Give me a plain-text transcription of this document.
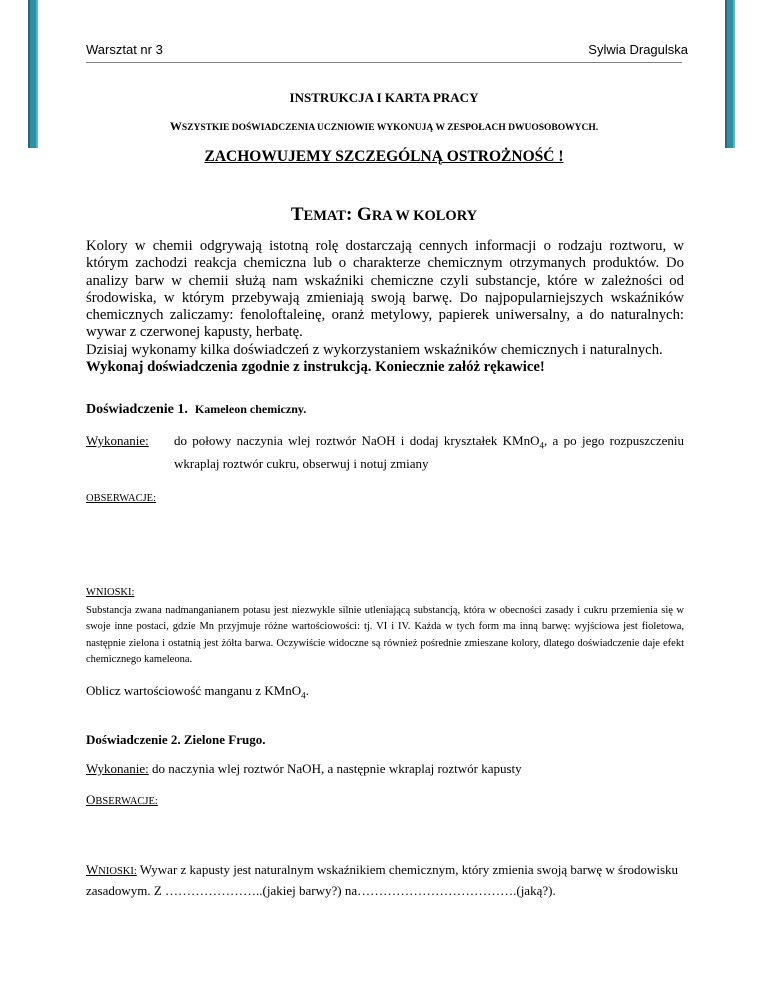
Warsztat nr 3	Sylwia Dragulska
INSTRUKCJA I KARTA PRACY
WSZYSTKIE DOŚWIADCZENIA UCZNIOWIE WYKONUJĄ W ZESPOŁACH DWUOSOBOWYCH.
ZACHOWUJEMY SZCZEGÓLNĄ OSTROŻNOŚĆ !
TEMAT: GRA W KOLORY

Kolory w chemii odgrywają istotną rolę dostarczają cennych informacji o rodzaju roztworu, w którym zachodzi reakcja chemiczna lub o charakterze chemicznym otrzymanych produktów. Do analizy barw w chemii służą nam wskaźniki chemiczne czyli substancje, które w zależności od środowiska, w którym przebywają zmieniają swoją barwę. Do najpopularniejszych wskaźników chemicznych zaliczamy: fenoloftaleinę, oranż metylowy, papierek uniwersalny, a do naturalnych: wywar z czerwonej kapusty, herbatę.

Dzisiaj wykonamy kilka doświadczeń z wykorzystaniem wskaźników chemicznych i naturalnych.

Wykonaj doświadczenia zgodnie z instrukcją. Koniecznie załóż rękawice!

Doświadczenie 1. Kameleon chemiczny.
Wykonanie: do połowy naczynia wlej roztwór NaOH i dodaj kryształek KMnO$_4$, a po jego rozpuszczeniu wkraplaj roztwór cukru, obserwuj i notuj zmiany
OBSERWACJE:
WNIOSKI:
Substancja zwana nadmanganianem potasu jest niezwykle silnie utleniającą substancją, która w obecności zasady i cukru przemienia się w swoje inne postaci, gdzie Mn przyjmuje różne wartościowości: tj. VI i IV. Każda w tych form ma inną barwę: wyjściowa jest fioletowa, następnie zielona i ostatnią jest żółta barwa. Oczywiście widoczne są również pośrednie zmieszane kolory, dlatego doświadczenie daje efekt chemicznego kameleona.
Oblicz wartościowość manganu z KMnO$_4$.
Doświadczenie 2. Zielone Frugo.
Wykonanie: do naczynia wlej roztwór NaOH, a następnie wkraplaj roztwór kapusty
OBSERWACJE:
WNIOSKI: Wywar z kapusty jest naturalnym wskaźnikiem chemicznym, który zmienia swoją barwę w środowisku zasadowym. Z …………………..(jakiej barwy?) na……………………………….(jaką?).
